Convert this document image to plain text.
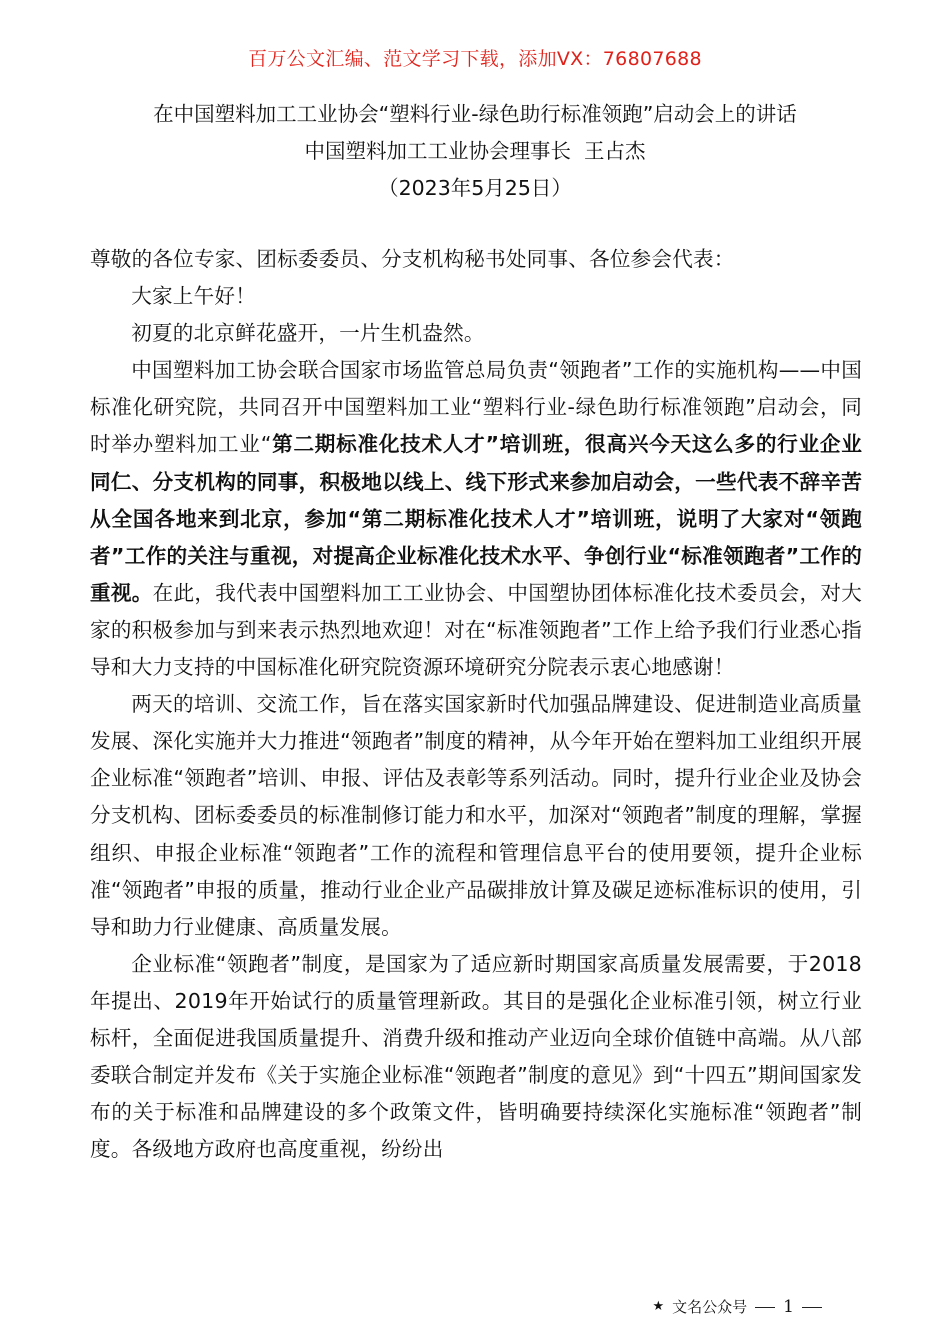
百万公文汇编、范文学习下载，添加VX：76807688

在中国塑料加工工业协会“塑料行业-绿色助行标准领跑”启动会上的讲话

中国塑料加工工业协会理事长  王占杰

（2023年5月25日）

尊敬的各位专家、团标委委员、分支机构秘书处同事、各位参会代表：

大家上午好！

初夏的北京鲜花盛开，一片生机盎然。

中国塑料加工协会联合国家市场监管总局负责“领跑者”工作的实施机构——中国标准化研究院，共同召开中国塑料加工业“塑料行业-绿色助行标准领跑”启动会，同时举办塑料加工业“第二期标准化技术人才”培训班，很高兴今天这么多的行业企业同仁、分支机构的同事，积极地以线上、线下形式来参加启动会，一些代表不辞辛苦从全国各地来到北京，参加“第二期标准化技术人才”培训班，说明了大家对“领跑者”工作的关注与重视，对提高企业标准化技术水平、争创行业“标准领跑者”工作的重视。在此，我代表中国塑料加工工业协会、中国塑协团体标准化技术委员会，对大家的积极参加与到来表示热烈地欢迎！对在“标准领跑者”工作上给予我们行业悉心指导和大力支持的中国标准化研究院资源环境研究分院表示衷心地感谢！

两天的培训、交流工作，旨在落实国家新时代加强品牌建设、促进制造业高质量发展、深化实施并大力推进“领跑者”制度的精神，从今年开始在塑料加工业组织开展企业标准“领跑者”培训、申报、评估及表彰等系列活动。同时，提升行业企业及协会分支机构、团标委委员的标准制修订能力和水平，加深对“领跑者”制度的理解，掌握组织、申报企业标准“领跑者”工作的流程和管理信息平台的使用要领，提升企业标准“领跑者”申报的质量，推动行业企业产品碳排放计算及碳足迹标准标识的使用，引导和助力行业健康、高质量发展。

企业标准“领跑者”制度，是国家为了适应新时期国家高质量发展需要，于2018年提出、2019年开始试行的质量管理新政。其目的是强化企业标准引领，树立行业标杆，全面促进我国质量提升、消费升级和推动产业迈向全球价值链中高端。从八部委联合制定并发布《关于实施企业标准“领跑者”制度的意见》到“十四五”期间国家发布的关于标准和品牌建设的多个政策文件，皆明确要持续深化实施标准“领跑者”制度。各级地方政府也高度重视，纷纷出

★ 文名公众号 1
